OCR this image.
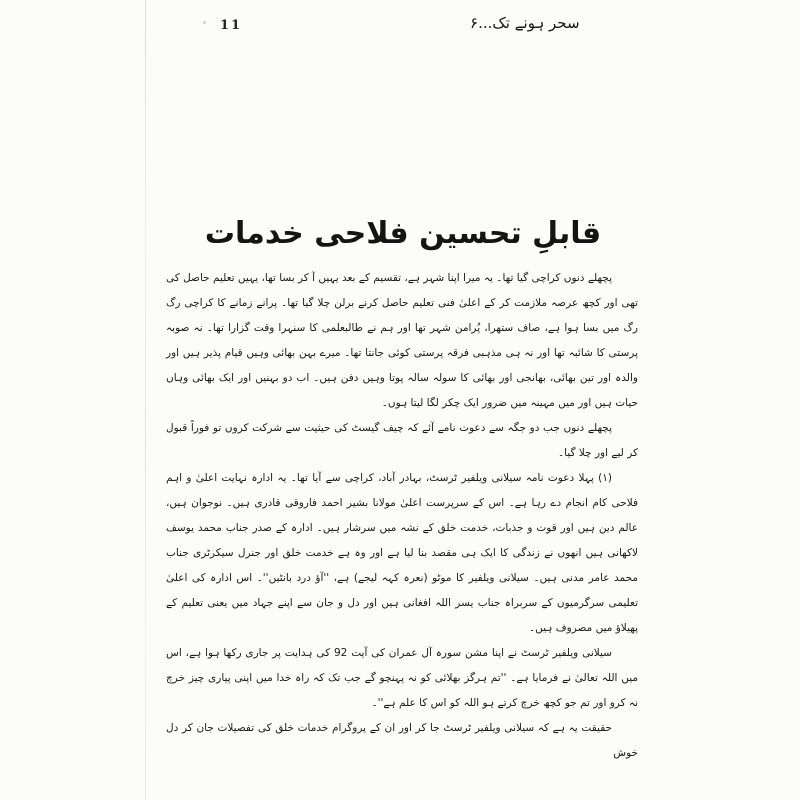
11	سحر ہونے تک...۶
قابلِ تحسین فلاحی خدمات

پچھلے دنوں کراچی گیا تھا۔ یہ میرا اپنا شہر ہے، تقسیم کے بعد یہیں آ کر بسا تھا، یہیں تعلیم حاصل کی تھی اور کچھ عرصہ ملازمت کر کے اعلیٰ فنی تعلیم حاصل کرنے برلن چلا گیا تھا۔ پرانے زمانے کا کراچی رگ رگ میں بسا ہوا ہے، صاف ستھرا، پُرامن شہر تھا اور ہم نے طالبعلمی کا سنہرا وقت گزارا تھا۔ نہ صوبہ پرستی کا شائبہ تھا اور نہ ہی مذہبی فرقہ پرستی کوئی جانتا تھا۔ میرے بہن بھائی وہیں قیام پذیر ہیں اور والدہ اور تین بھائی، بھانجی اور بھائی کا سولہ سالہ پوتا وہیں دفن ہیں۔ اب دو بہنیں اور ایک بھائی وہاں حیات ہیں اور میں مہینہ میں ضرور ایک چکر لگا لیتا ہوں۔

پچھلے دنوں جب دو جگہ سے دعوت نامے آئے کہ چیف گیسٹ کی حیثیت سے شرکت کروں تو فوراً قبول کر لیے اور چلا گیا۔

(۱) پہلا دعوت نامہ سیلانی ویلفیر ٹرسٹ، بہادر آباد، کراچی سے آیا تھا۔ یہ ادارہ نہایت اعلیٰ و اہم فلاحی کام انجام دے رہا ہے۔ اس کے سرپرست اعلیٰ مولانا بشیر احمد فاروقی قادری ہیں۔ نوجوان ہیں، عالم دین ہیں اور قوت و جذبات، خدمت خلق کے نشہ میں سرشار ہیں۔ ادارہ کے صدر جناب محمد یوسف لاکھانی ہیں انھوں نے زندگی کا ایک ہی مقصد بنا لیا ہے اور وہ ہے خدمت خلق اور جنرل سیکرٹری جناب محمد عامر مدنی ہیں۔ سیلانی ویلفیر کا موٹو (نعرہ کہہ لیجے) ہے، ''آؤ درد بانٹیں''۔ اس ادارہ کی اعلیٰ تعلیمی سرگرمیوں کے سربراہ جناب یسر اللہ افغانی ہیں اور دل و جان سے اپنے جہاد میں یعنی تعلیم کے پھیلاؤ میں مصروف ہیں۔

سیلانی ویلفیر ٹرسٹ نے اپنا مشن سورہ آل عمران کی آیت 92 کی ہدایت پر جاری رکھا ہوا ہے، اس میں اللہ تعالیٰ نے فرمایا ہے۔ ''تم ہرگز بھلائی کو نہ پہنچو گے جب تک کہ راہ خدا میں اپنی پیاری چیز خرچ نہ کرو اور تم جو کچھ خرچ کرتے ہو اللہ کو اس کا علم ہے''۔

حقیقت یہ ہے کہ سیلانی ویلفیر ٹرسٹ جا کر اور ان کے پروگرام خدمات خلق کی تفصیلات جان کر دل خوش
